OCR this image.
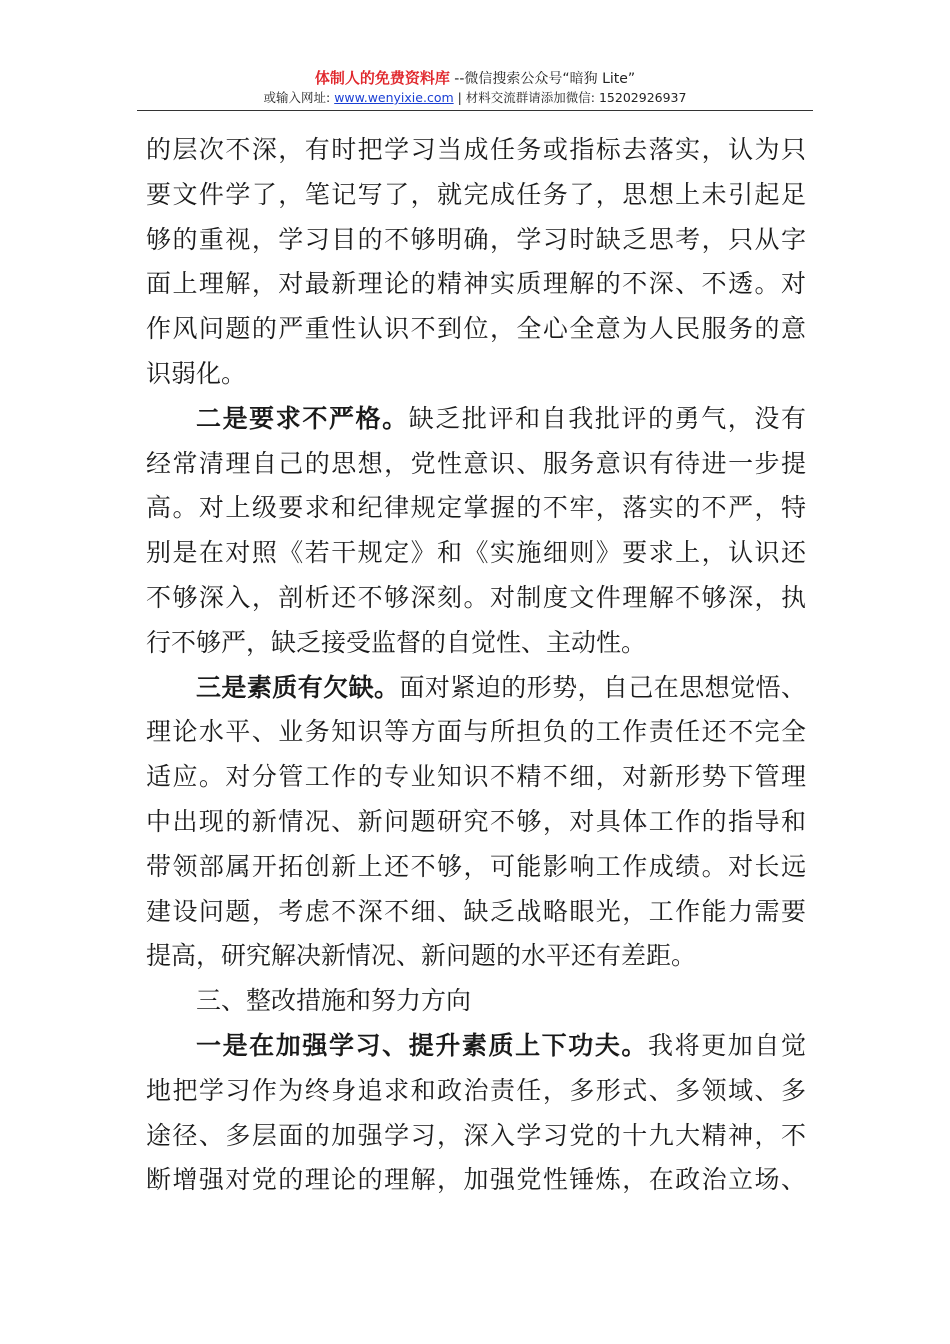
体制人的免费资料库 --微信搜索公众号“暗狗 Lite”
或输入网址: www.wenyixie.com | 材料交流群请添加微信: 15202926937
的层次不深，有时把学习当成任务或指标去落实，认为只
要文件学了，笔记写了，就完成任务了，思想上未引起足
够的重视，学习目的不够明确，学习时缺乏思考，只从字
面上理解，对最新理论的精神实质理解的不深、不透。对
作风问题的严重性认识不到位，全心全意为人民服务的意
识弱化。
二是要求不严格。缺乏批评和自我批评的勇气，没有
经常清理自己的思想，党性意识、服务意识有待进一步提
高。对上级要求和纪律规定掌握的不牢，落实的不严，特
别是在对照《若干规定》和《实施细则》要求上，认识还
不够深入，剖析还不够深刻。对制度文件理解不够深，执
行不够严，缺乏接受监督的自觉性、主动性。
三是素质有欠缺。面对紧迫的形势，自己在思想觉悟、
理论水平、业务知识等方面与所担负的工作责任还不完全
适应。对分管工作的专业知识不精不细，对新形势下管理
中出现的新情况、新问题研究不够，对具体工作的指导和
带领部属开拓创新上还不够，可能影响工作成绩。对长远
建设问题，考虑不深不细、缺乏战略眼光，工作能力需要
提高，研究解决新情况、新问题的水平还有差距。
三、整改措施和努力方向
一是在加强学习、提升素质上下功夫。我将更加自觉
地把学习作为终身追求和政治责任，多形式、多领域、多
途径、多层面的加强学习，深入学习党的十九大精神，不
断增强对党的理论的理解，加强党性锤炼，在政治立场、
